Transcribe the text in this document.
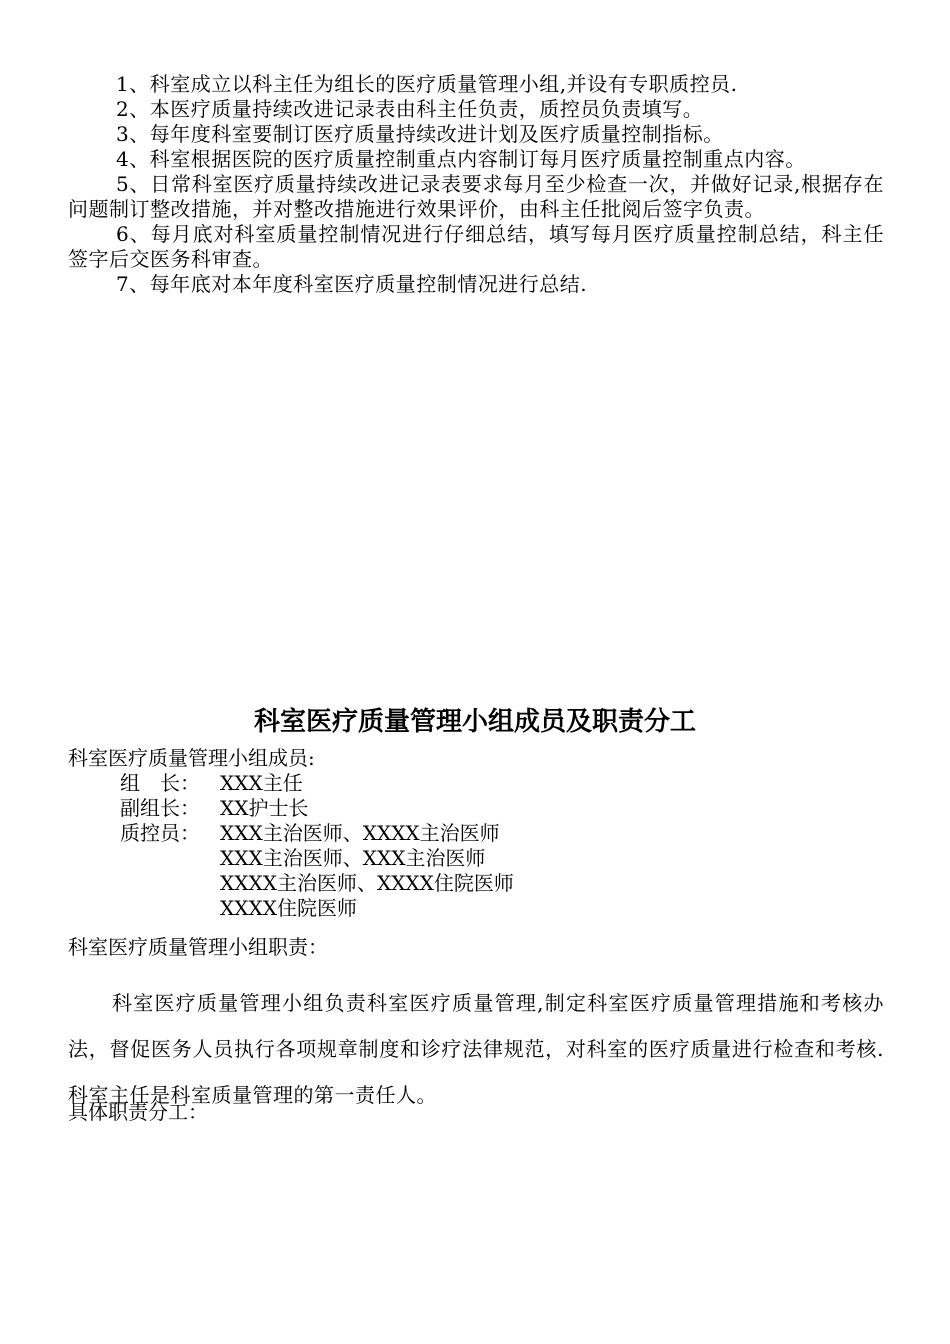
1、科室成立以科主任为组长的医疗质量管理小组,并设有专职质控员.

2、本医疗质量持续改进记录表由科主任负责，质控员负责填写。

3、每年度科室要制订医疗质量持续改进计划及医疗质量控制指标。

4、科室根据医院的医疗质量控制重点内容制订每月医疗质量控制重点内容。

5、日常科室医疗质量持续改进记录表要求每月至少检查一次，并做好记录,根据存在问题制订整改措施，并对整改措施进行效果评价，由科主任批阅后签字负责。

6、每月底对科室质量控制情况进行仔细总结，填写每月医疗质量控制总结，科主任签字后交医务科审查。

7、每年底对本年度科室医疗质量控制情况进行总结.

科室医疗质量管理小组成员及职责分工

科室医疗质量管理小组成员:

组　长：	XXX主任
副组长：	XX护士长
质控员：	XXX主治医师、XXXX主治医师
XXX主治医师、XXX主治医师
XXXX主治医师、XXXX住院医师
XXXX住院医师

科室医疗质量管理小组职责：

科室医疗质量管理小组负责科室医疗质量管理,制定科室医疗质量管理措施和考核办法，督促医务人员执行各项规章制度和诊疗法律规范，对科室的医疗质量进行检查和考核.科室主任是科室质量管理的第一责任人。

具体职责分工：
